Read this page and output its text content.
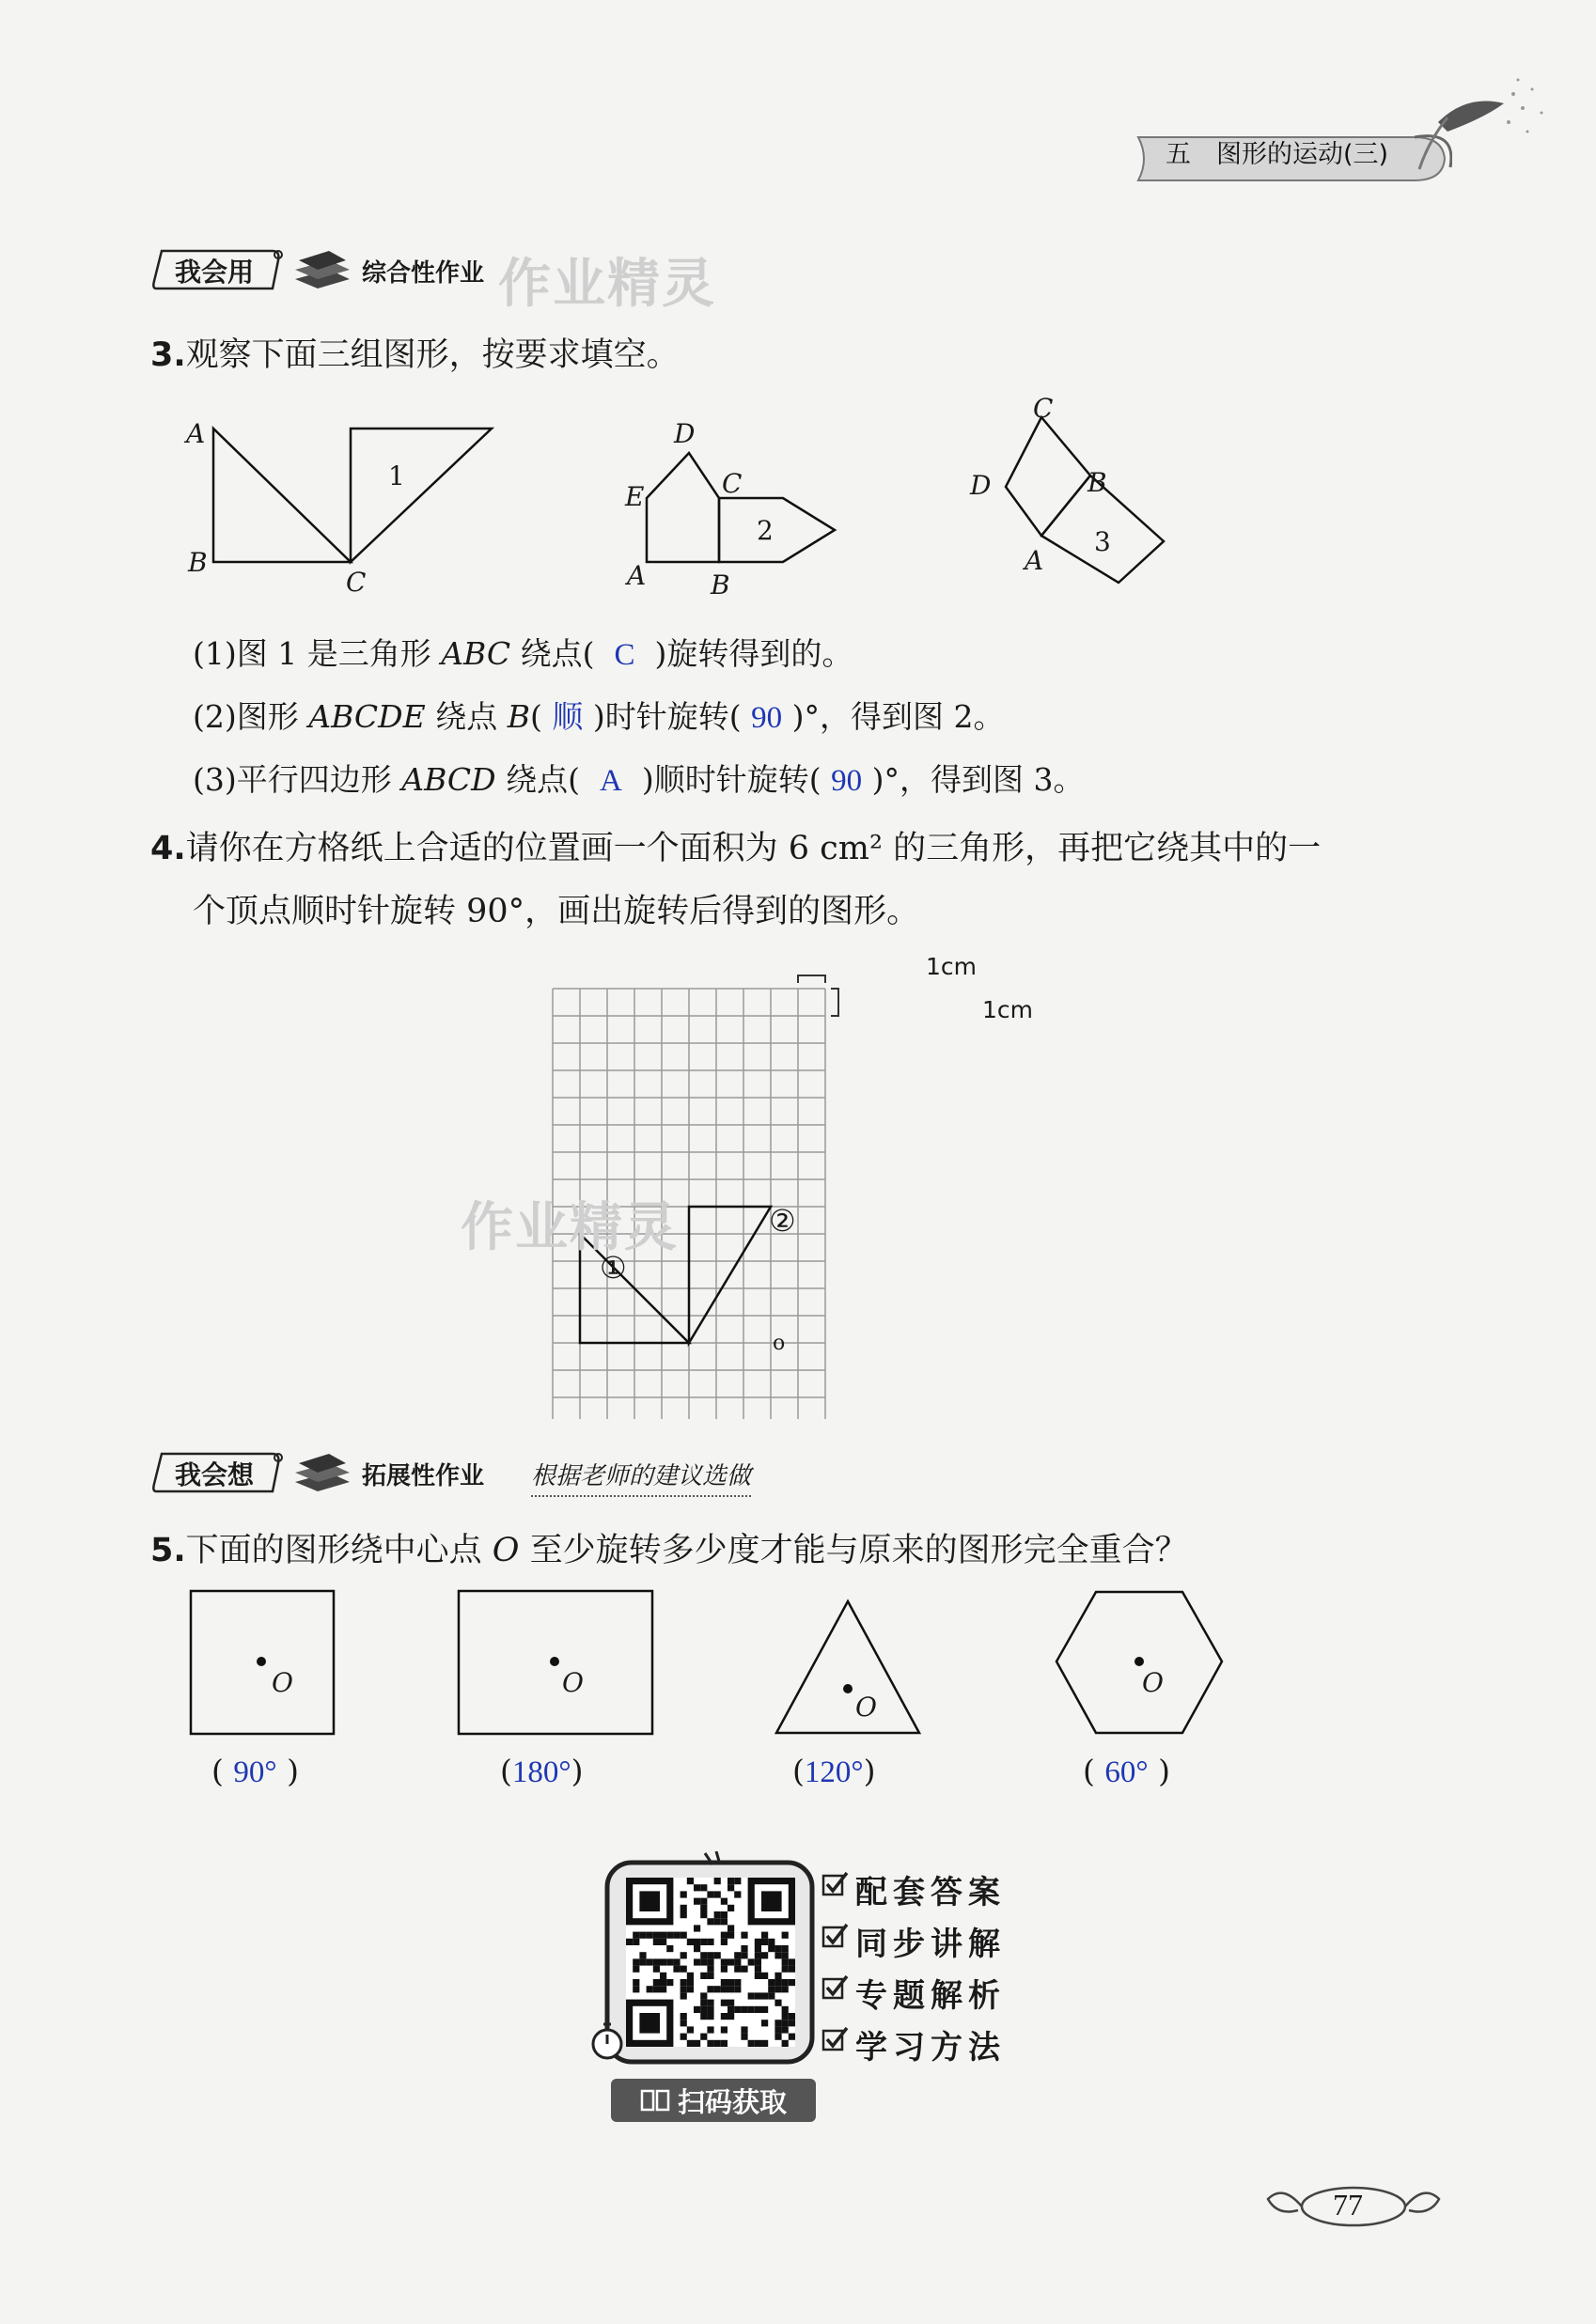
五　图形的运动(三)
我会用	综合性作业 作业精灵
3.观察下面三组图形，按要求填空。
A
B
C
1
D
E	C
A B
2
C
D	B
A
3
(1)图 1 是三角形 ABC 绕点( C )旋转得到的。
(2)图形 ABCDE 绕点 B( 顺 )时针旋转( 90 )°，得到图 2。
(3)平行四边形 ABCD 绕点( A )顺时针旋转( 90 )°，得到图 3。
4.请你在方格纸上合适的位置画一个面积为 6 cm² 的三角形，再把它绕其中的一
个顶点顺时针旋转 90°，画出旋转后得到的图形。
1cm
1cm
①
②
o
作业精灵
我会想	拓展性作业 根据老师的建议选做
5.下面的图形绕中心点 O 至少旋转多少度才能与原来的图形完全重合？
O	O
O
O
( 90° )	(180°)	(120°)	( 60° )
配套答案
同步讲解
专题解析
学习方法
扫码获取
77
